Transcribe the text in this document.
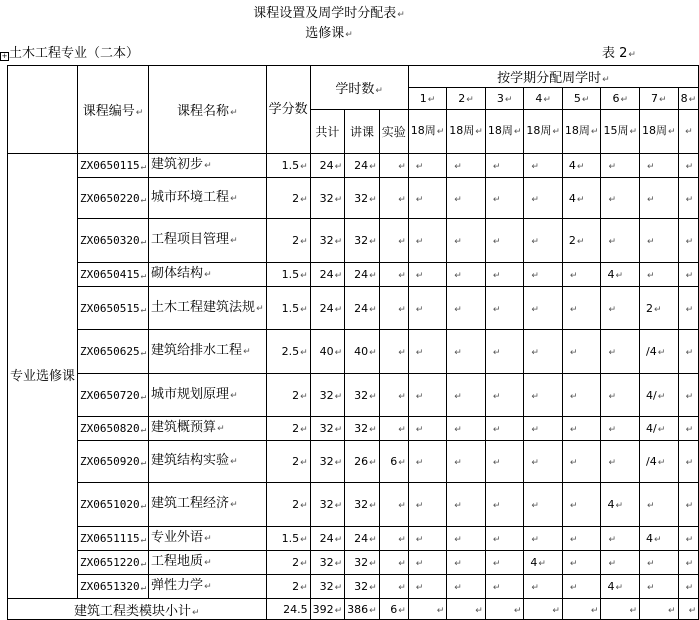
课程设置及周学时分配表↵
选修课↵
+ 土木工程专业（二本）	表 2↵
	课程编号↵	课程名称↵	学分数	学时数↵			按学期分配周学时↵							
							1↵	2↵	3↵	4↵	5↵	6↵	7↵	8↵
				共计	讲课	实验	18周↵	18周↵	18周↵	18周↵	18周↵	15周↵	18周↵	↵
专业选修课	ZX0650115↵	建筑初步↵	1.5↵	24↵	24↵	↵	↵	↵	↵	↵	4↵	↵	↵	↵
	ZX0650220↵	城市环境工程↵	2↵	32↵	32↵	↵	↵	↵	↵	↵	4↵	↵	↵	↵
	ZX0650320↵	工程项目管理↵	2↵	32↵	32↵	↵	↵	↵	↵	↵	2↵	↵	↵	↵
	ZX0650415↵	砌体结构↵	1.5↵	24↵	24↵	↵	↵	↵	↵	↵	↵	4↵	↵	↵
	ZX0650515↵	土木工程建筑法规↵	1.5↵	24↵	24↵	↵	↵	↵	↵	↵	↵	↵	2↵	↵
	ZX0650625↵	建筑给排水工程↵	2.5↵	40↵	40↵	↵	↵	↵	↵	↵	↵	↵	/4↵	↵
	ZX0650720↵	城市规划原理↵	2↵	32↵	32↵	↵	↵	↵	↵	↵	↵	↵	4/↵	↵
	ZX0650820↵	建筑概预算↵	2↵	32↵	32↵	↵	↵	↵	↵	↵	↵	↵	4/↵	↵
	ZX0650920↵	建筑结构实验↵	2↵	32↵	26↵	6↵	↵	↵	↵	↵	↵	↵	/4↵	↵
	ZX0651020↵	建筑工程经济↵	2↵	32↵	32↵	↵	↵	↵	↵	↵	↵	4↵	↵	↵
	ZX0651115↵	专业外语↵	1.5↵	24↵	24↵	↵	↵	↵	↵	↵	↵	↵	4↵	↵
	ZX0651220↵	工程地质↵	2↵	32↵	32↵	↵	↵	↵	↵	4↵	↵	↵	↵	↵
	ZX0651320↵	弹性力学↵	2↵	32↵	32↵	↵	↵	↵	↵	↵	↵	4↵	↵	↵
建筑工程类模块小计↵			24.5	392↵	386↵	6↵	↵	↵	↵	↵	↵	↵	↵	↵
